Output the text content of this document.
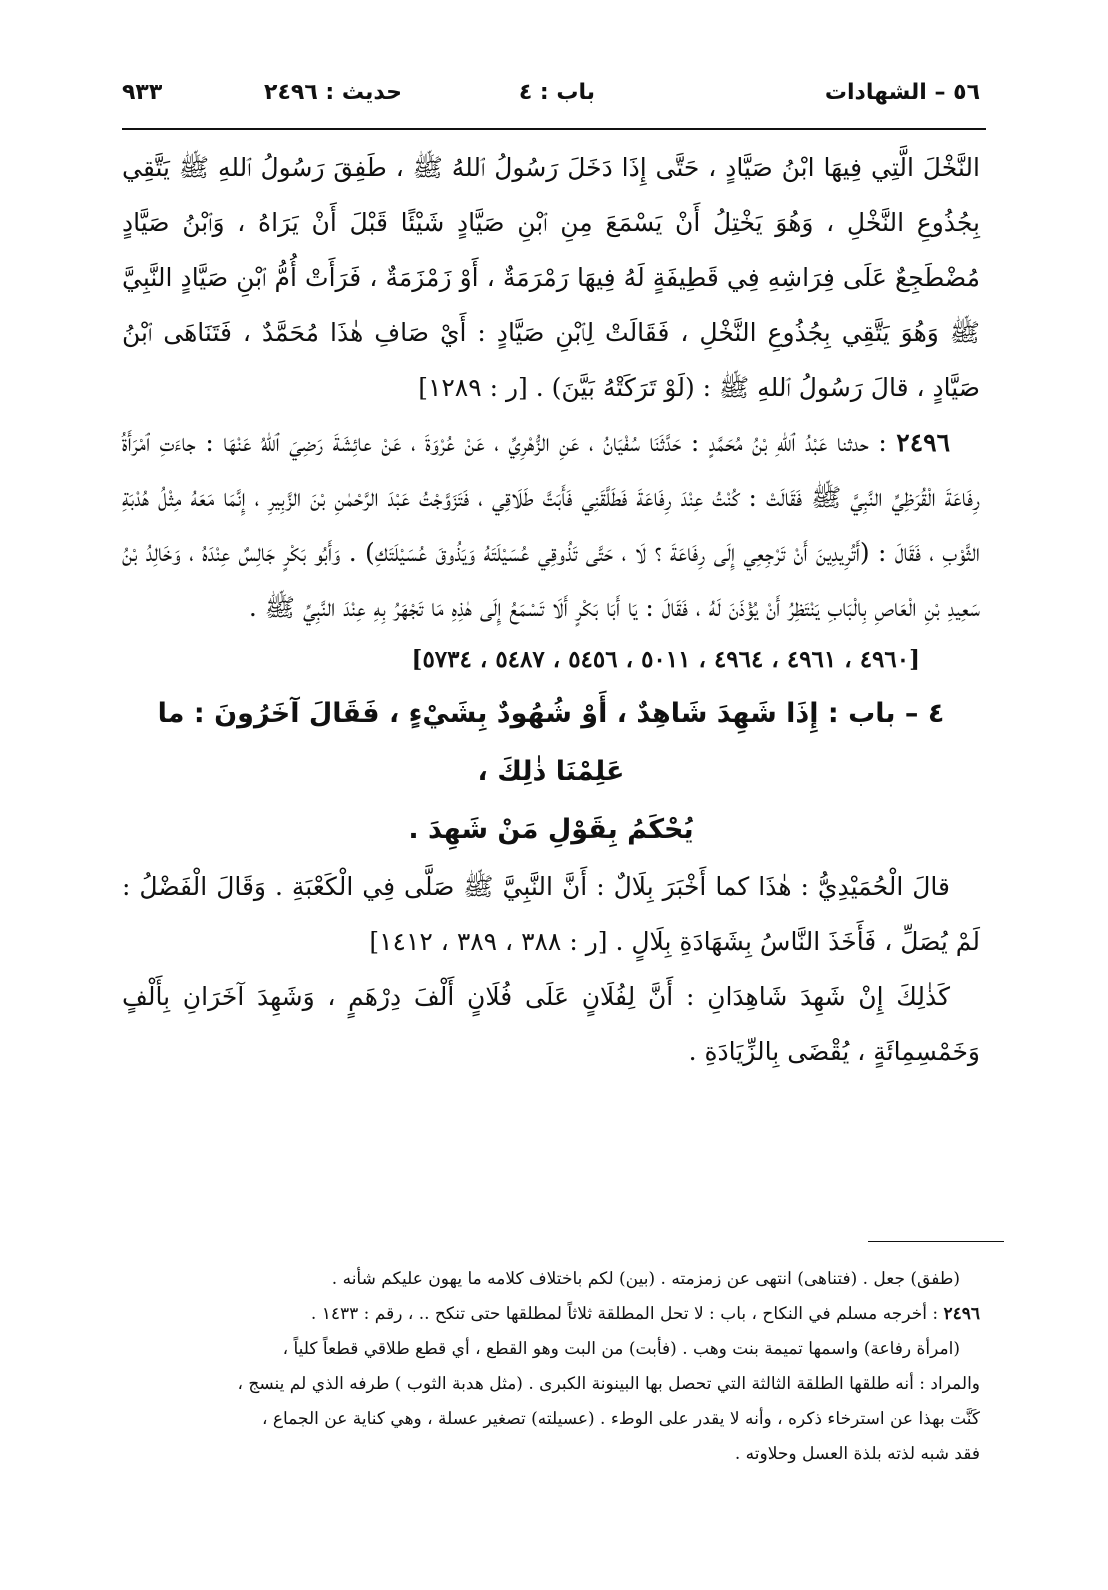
٥٦ – الشهادات
باب : ٤
حديث : ٢٤٩٦
٩٣٣

النَّخْلَ الَّتِي فِيهَا ابْنُ صَيَّادٍ ، حَتَّى إِذَا دَخَلَ رَسُولُ ٱللهُ ﷺ ، طَفِقَ رَسُولُ ٱللهِ ﷺ يَتَّقِي بِجُذُوعِ النَّخْلِ ، وَهُوَ يَخْتِلُ أَنْ يَسْمَعَ مِنِ ٱبْنِ صَيَّادٍ شَيْئًا قَبْلَ أَنْ يَرَاهُ ، وَٱبْنُ صَيَّادٍ مُضْطَجِعٌ عَلَى فِرَاشِهِ فِي قَطِيفَةٍ لَهُ فِيهَا رَمْرَمَةٌ ، أَوْ زَمْزَمَةٌ ، فَرَأَتْ أُمُّ ٱبْنِ صَيَّادٍ النَّبِيَّ ﷺ وَهُوَ يَتَّقِي بِجُذُوعِ النَّخْلِ ، فَقَالَتْ لِٱبْنِ صَيَّادٍ : أَيْ صَافِ هٰذَا مُحَمَّدٌ ، فَتَنَاهَى ٱبْنُ صَيَّادٍ ، قالَ رَسُولُ ٱللهِ ﷺ : (لَوْ تَرَكَتْهُ بَيَّنَ) . [ر : ١٢٨٩]

٢٤٩٦ : حدثنا عَبْدُ ٱللهِ بْنُ مُحَمَّدٍ : حَدَّثَنَا سُفْيَانُ ، عَنِ الزُّهْرِيِّ ، عَنْ عُرْوَةَ ، عَنْ عائِشَةَ رَضِيَ ٱللهُ عَنْهَا : جاءَتِ ٱمْرَأَةُ رِفَاعَةَ الْقُرَظِيِّ النَّبِيَّ ﷺ فَقَالَتْ : كُنْتُ عِنْدَ رِفَاعَةَ فَطَلَّقَنِي فَأَبَتَّ طَلَاقِي ، فَتَزَوَّجْتُ عَبْدَ الرَّحْمٰنِ بْنَ الزَّبِيرِ ، إِنَّمَا مَعَهُ مِثْلُ هُدْبَةِ الثَّوْبِ ، فَقَالَ : (أَتُرِيدِينَ أَنْ تَرْجِعِي إِلَى رِفَاعَةَ ؟ لَا ، حَتَّى تَذُوقِي عُسَيْلَتَهُ وَيَذُوقَ عُسَيْلَتَكِ) . وَأَبُو بَكْرٍ جَالِسٌ عِنْدَهُ ، وَخَالِدُ بْنُ سَعِيدِ بْنِ الْعَاصِ بِالْبَابِ يَنْتَظِرُ أَنْ يُؤْذَنَ لَهُ ، فَقَالَ : يَا أَبَا بَكْرٍ أَلَا تَسْمَعُ إِلَى هٰذِهِ مَا تَجْهَرُ بِهِ عِنْدَ النَّبِيِّ ﷺ .

[٤٩٦٠ ، ٤٩٦١ ، ٤٩٦٤ ، ٥٠١١ ، ٥٤٥٦ ، ٥٤٨٧ ، ٥٧٣٤]

٤ – باب : إِذَا شَهِدَ شَاهِدٌ ، أَوْ شُهُودٌ بِشَيْءٍ ، فَقَالَ آخَرُونَ : ما عَلِمْنَا ذٰلِكَ ،
يُحْكَمُ بِقَوْلِ مَنْ شَهِدَ .

قالَ الْحُمَيْدِيُّ : هٰذَا كما أَخْبَرَ بِلَالٌ : أَنَّ النَّبِيَّ ﷺ صَلَّى فِي الْكَعْبَةِ . وَقَالَ الْفَضْلُ : لَمْ يُصَلِّ ، فَأَخَذَ النَّاسُ بِشَهَادَةِ بِلَالٍ . [ر : ٣٨٨ ، ٣٨٩ ، ١٤١٢]

كَذٰلِكَ إِنْ شَهِدَ شَاهِدَانِ : أَنَّ لِفُلَانٍ عَلَى فُلَانٍ أَلْفَ دِرْهَمٍ ، وَشَهِدَ آخَرَانِ بِأَلْفٍ وَخَمْسِمِائَةٍ ، يُقْضَى بِالزِّيَادَةِ .

(طفق) جعل . (فتناهى) انتهى عن زمزمته . (بين) لكم باختلاف كلامه ما يهون عليكم شأنه .

٢٤٩٦ : أخرجه مسلم في النكاح ، باب : لا تحل المطلقة ثلاثاً لمطلقها حتى تنكح .. ، رقم : ١٤٣٣ .

(امرأة رفاعة) واسمها تميمة بنت وهب . (فأبت) من البت وهو القطع ، أي قطع طلاقي قطعاً كلياً ،

والمراد : أنه طلقها الطلقة الثالثة التي تحصل بها البينونة الكبرى . (مثل هدبة الثوب ) طرفه الذي لم ينسج ،

كَنَّت بهذا عن استرخاء ذكره ، وأنه لا يقدر على الوطء . (عسيلته) تصغير عسلة ، وهي كناية عن الجماع ،

فقد شبه لذته بلذة العسل وحلاوته .
